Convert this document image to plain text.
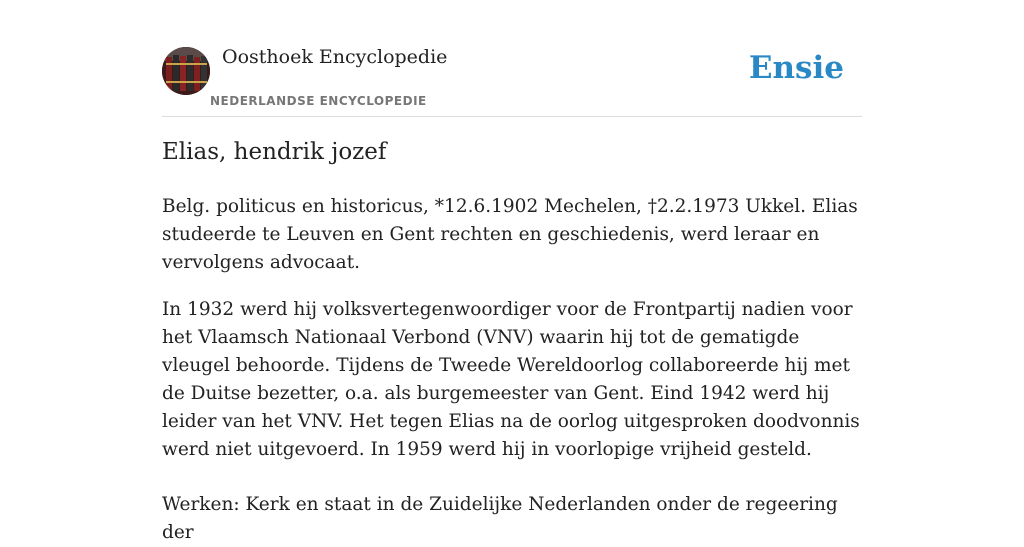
Oosthoek Encyclopedie
NEDERLANDSE ENCYCLOPEDIE
Ensie
Elias, hendrik jozef

Belg. politicus en historicus, *12.6.1902 Mechelen, †2.2.1973 Ukkel. Elias studeerde te Leuven en Gent rechten en geschiedenis, werd leraar en vervolgens advocaat.

In 1932 werd hij volksvertegenwoordiger voor de Frontpartij nadien voor het Vlaamsch Nationaal Verbond (VNV) waarin hij tot de gematigde vleugel behoorde. Tijdens de Tweede Wereldoorlog collaboreerde hij met de Duitse bezetter, o.a. als burgemeester van Gent. Eind 1942 werd hij leider van het VNV. Het tegen Elias na de oorlog uitgesproken doodvonnis werd niet uitgevoerd. In 1959 werd hij in voorlopige vrijheid gesteld.

Werken: Kerk en staat in de Zuidelijke Nederlanden onder de regeering der
